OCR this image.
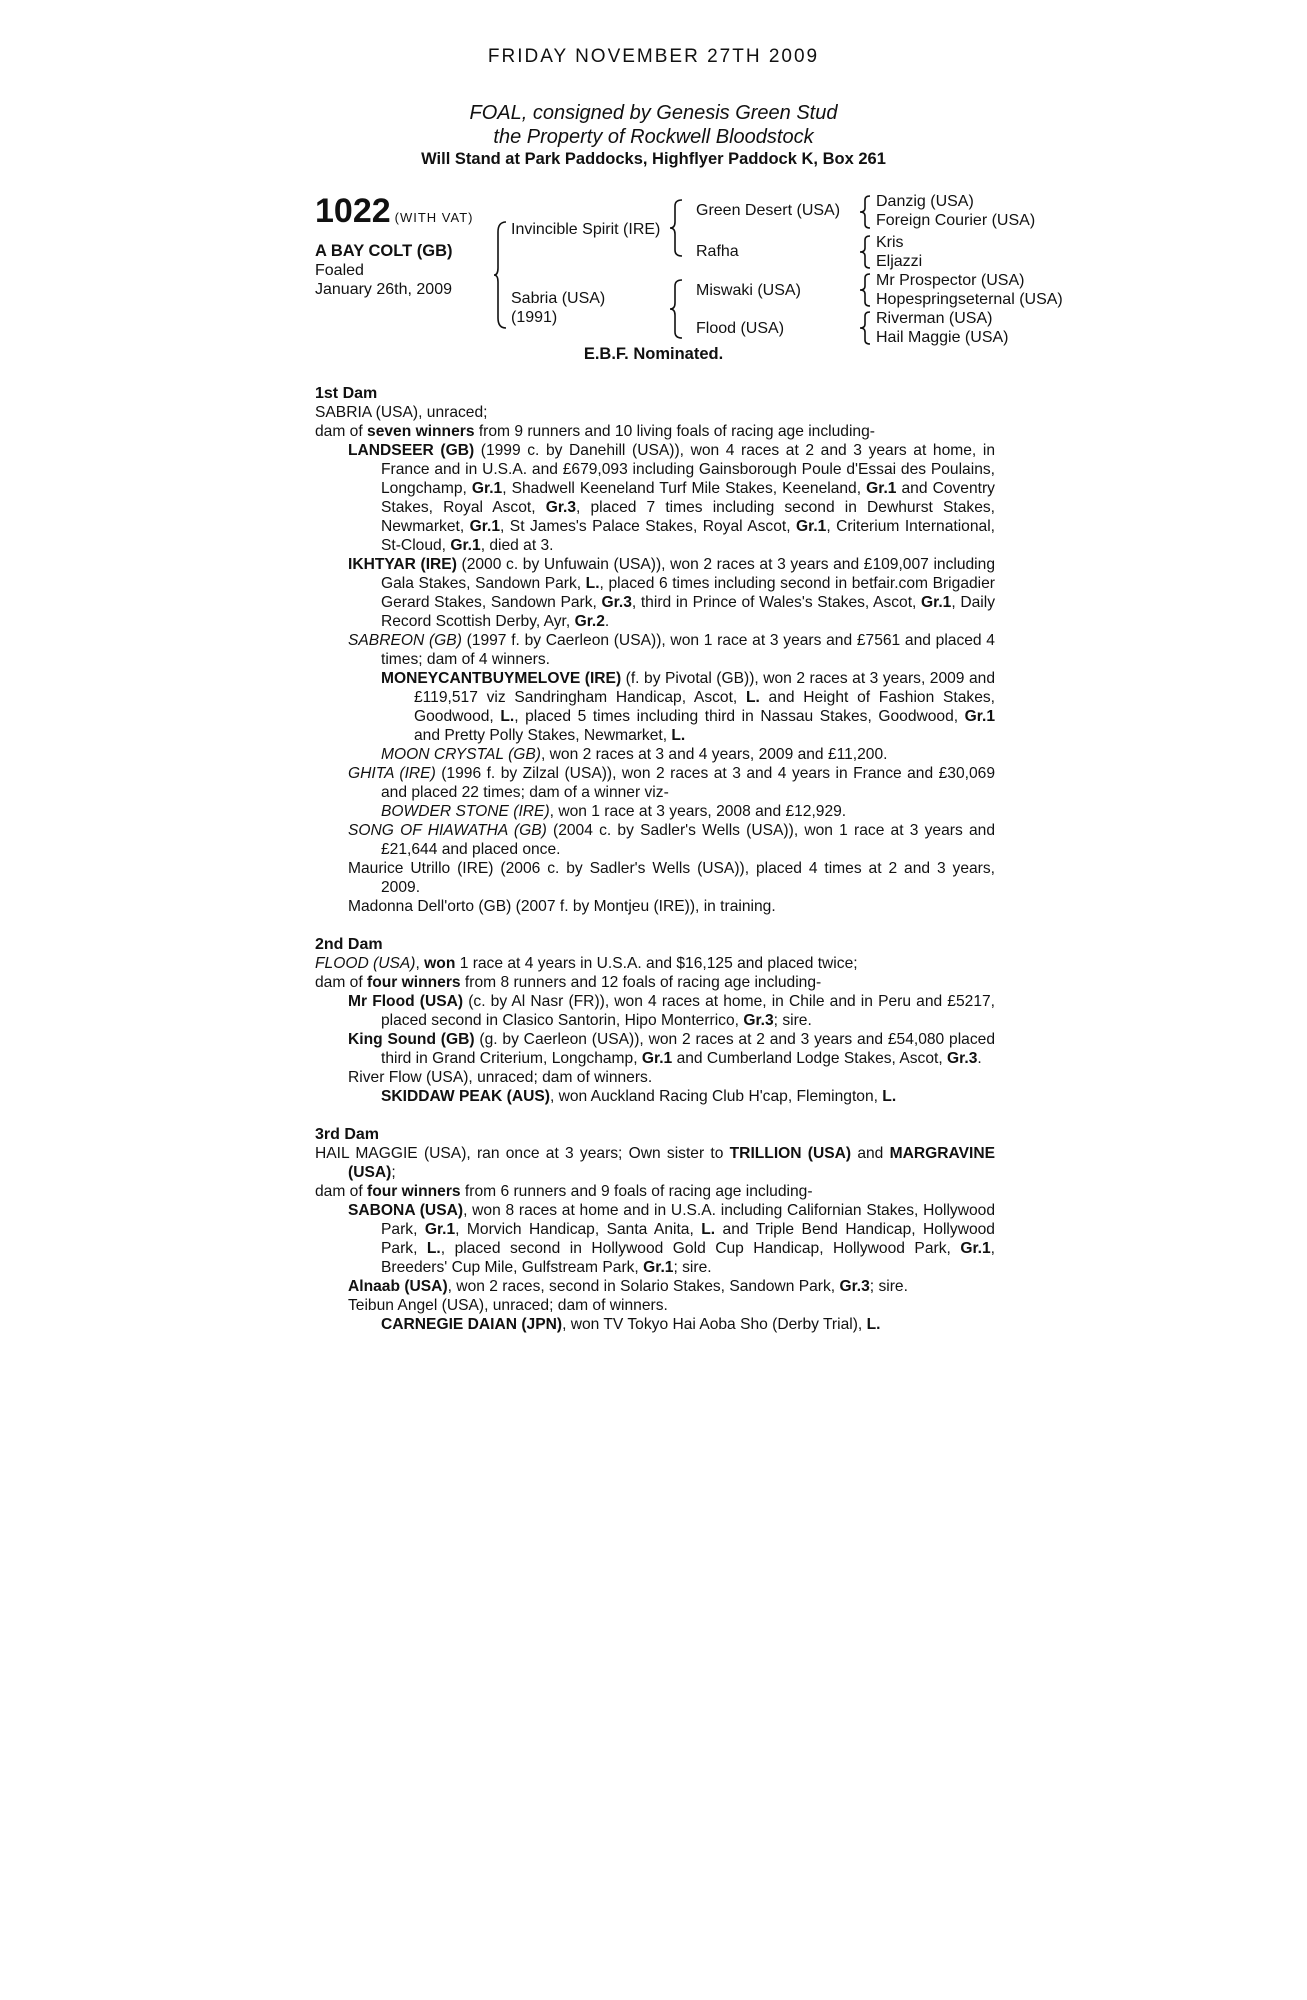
FRIDAY NOVEMBER 27TH 2009
FOAL, consigned by Genesis Green Stud
the Property of Rockwell Bloodstock
Will Stand at Park Paddocks, Highflyer Paddock K, Box 261
1022 (WITH VAT)
A BAY COLT (GB)
Foaled
January 26th, 2009
Invincible Spirit (IRE)
Sabria (USA)
(1991)
Green Desert (USA)
Rafha
Miswaki (USA)
Flood (USA)
Danzig (USA)
Foreign Courier (USA)
Kris
Eljazzi
Mr Prospector (USA)
Hopespringseternal (USA)
Riverman (USA)
Hail Maggie (USA)
E.B.F. Nominated.

1st Dam

SABRIA (USA), unraced;

dam of seven winners from 9 runners and 10 living foals of racing age including-

LANDSEER (GB) (1999 c. by Danehill (USA)), won 4 races at 2 and 3 years at home, in France and in U.S.A. and £679,093 including Gainsborough Poule d'Essai des Poulains, Longchamp, Gr.1, Shadwell Keeneland Turf Mile Stakes, Keeneland, Gr.1 and Coventry Stakes, Royal Ascot, Gr.3, placed 7 times including second in Dewhurst Stakes, Newmarket, Gr.1, St James's Palace Stakes, Royal Ascot, Gr.1, Criterium International, St-Cloud, Gr.1, died at 3.

IKHTYAR (IRE) (2000 c. by Unfuwain (USA)), won 2 races at 3 years and £109,007 including Gala Stakes, Sandown Park, L., placed 6 times including second in betfair.com Brigadier Gerard Stakes, Sandown Park, Gr.3, third in Prince of Wales's Stakes, Ascot, Gr.1, Daily Record Scottish Derby, Ayr, Gr.2.

SABREON (GB) (1997 f. by Caerleon (USA)), won 1 race at 3 years and £7561 and placed 4 times; dam of 4 winners.

MONEYCANTBUYMELOVE (IRE) (f. by Pivotal (GB)), won 2 races at 3 years, 2009 and £119,517 viz Sandringham Handicap, Ascot, L. and Height of Fashion Stakes, Goodwood, L., placed 5 times including third in Nassau Stakes, Goodwood, Gr.1 and Pretty Polly Stakes, Newmarket, L.

MOON CRYSTAL (GB), won 2 races at 3 and 4 years, 2009 and £11,200.

GHITA (IRE) (1996 f. by Zilzal (USA)), won 2 races at 3 and 4 years in France and £30,069 and placed 22 times; dam of a winner viz-

BOWDER STONE (IRE), won 1 race at 3 years, 2008 and £12,929.

SONG OF HIAWATHA (GB) (2004 c. by Sadler's Wells (USA)), won 1 race at 3 years and £21,644 and placed once.

Maurice Utrillo (IRE) (2006 c. by Sadler's Wells (USA)), placed 4 times at 2 and 3 years, 2009.

Madonna Dell'orto (GB) (2007 f. by Montjeu (IRE)), in training.

2nd Dam

FLOOD (USA), won 1 race at 4 years in U.S.A. and $16,125 and placed twice;

dam of four winners from 8 runners and 12 foals of racing age including-

Mr Flood (USA) (c. by Al Nasr (FR)), won 4 races at home, in Chile and in Peru and £5217, placed second in Clasico Santorin, Hipo Monterrico, Gr.3; sire.

King Sound (GB) (g. by Caerleon (USA)), won 2 races at 2 and 3 years and £54,080 placed third in Grand Criterium, Longchamp, Gr.1 and Cumberland Lodge Stakes, Ascot, Gr.3.

River Flow (USA), unraced; dam of winners.

SKIDDAW PEAK (AUS), won Auckland Racing Club H'cap, Flemington, L.

3rd Dam

HAIL MAGGIE (USA), ran once at 3 years; Own sister to TRILLION (USA) and MARGRAVINE (USA);

dam of four winners from 6 runners and 9 foals of racing age including-

SABONA (USA), won 8 races at home and in U.S.A. including Californian Stakes, Hollywood Park, Gr.1, Morvich Handicap, Santa Anita, L. and Triple Bend Handicap, Hollywood Park, L., placed second in Hollywood Gold Cup Handicap, Hollywood Park, Gr.1, Breeders' Cup Mile, Gulfstream Park, Gr.1; sire.

Alnaab (USA), won 2 races, second in Solario Stakes, Sandown Park, Gr.3; sire.

Teibun Angel (USA), unraced; dam of winners.

CARNEGIE DAIAN (JPN), won TV Tokyo Hai Aoba Sho (Derby Trial), L.
